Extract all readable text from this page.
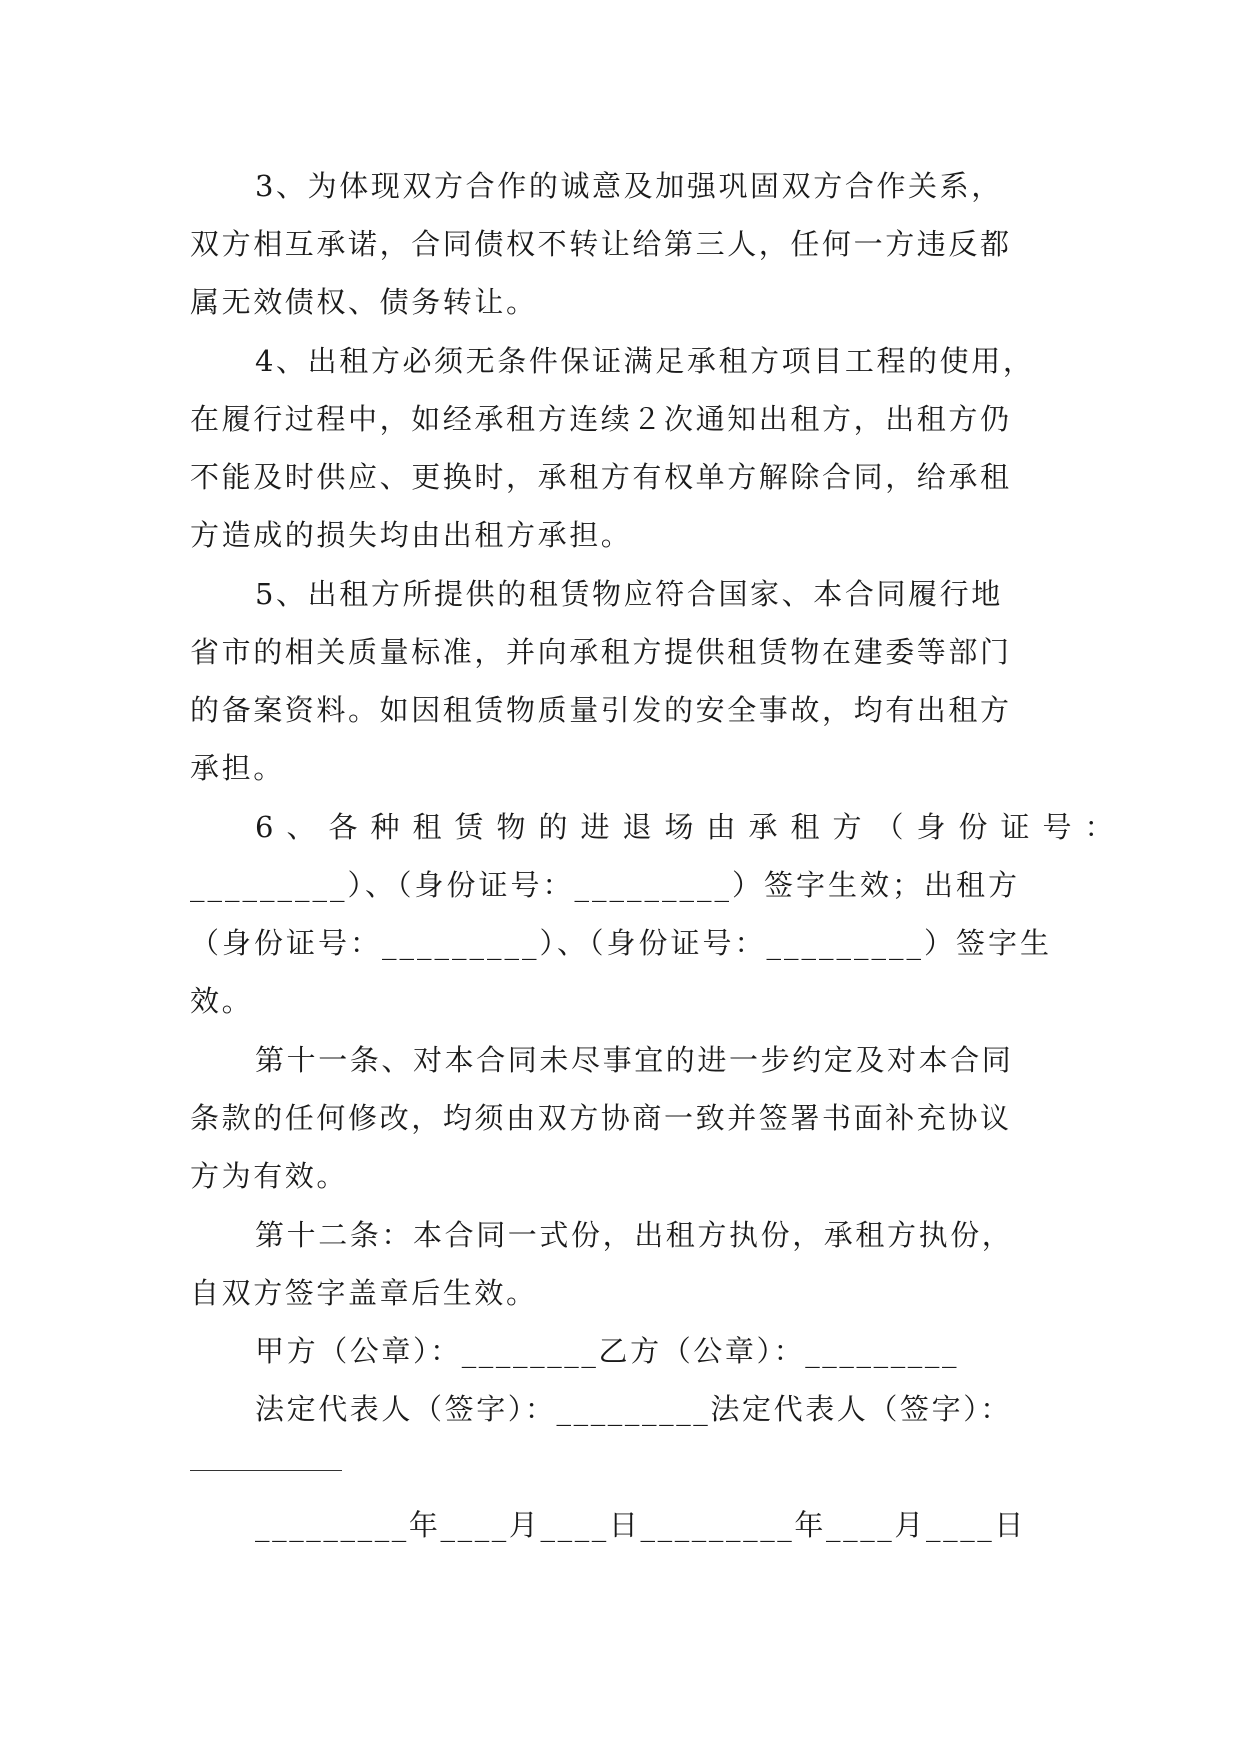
3、为体现双方合作的诚意及加强巩固双方合作关系，
双方相互承诺，合同债权不转让给第三人，任何一方违反都
属无效债权、债务转让。
4、出租方必须无条件保证满足承租方项目工程的使用，
在履行过程中，如经承租方连续２次通知出租方，出租方仍
不能及时供应、更换时，承租方有权单方解除合同，给承租
方造成的损失均由出租方承担。
5、出租方所提供的租赁物应符合国家、本合同履行地
省市的相关质量标准，并向承租方提供租赁物在建委等部门
的备案资料。如因租赁物质量引发的安全事故，均有出租方
承担。
6、各种租赁物的进退场由承租方（身份证号：
_________）、（身份证号：_________）签字生效；出租方
（身份证号：_________）、（身份证号：_________）签字生
效。
第十一条、对本合同未尽事宜的进一步约定及对本合同
条款的任何修改，均须由双方协商一致并签署书面补充协议
方为有效。
第十二条：本合同一式份，出租方执份，承租方执份，
自双方签字盖章后生效。
甲方（公章）：________乙方（公章）：_________
法定代表人（签字）：_________法定代表人（签字）：
_________年____月____日_________年____月____日
